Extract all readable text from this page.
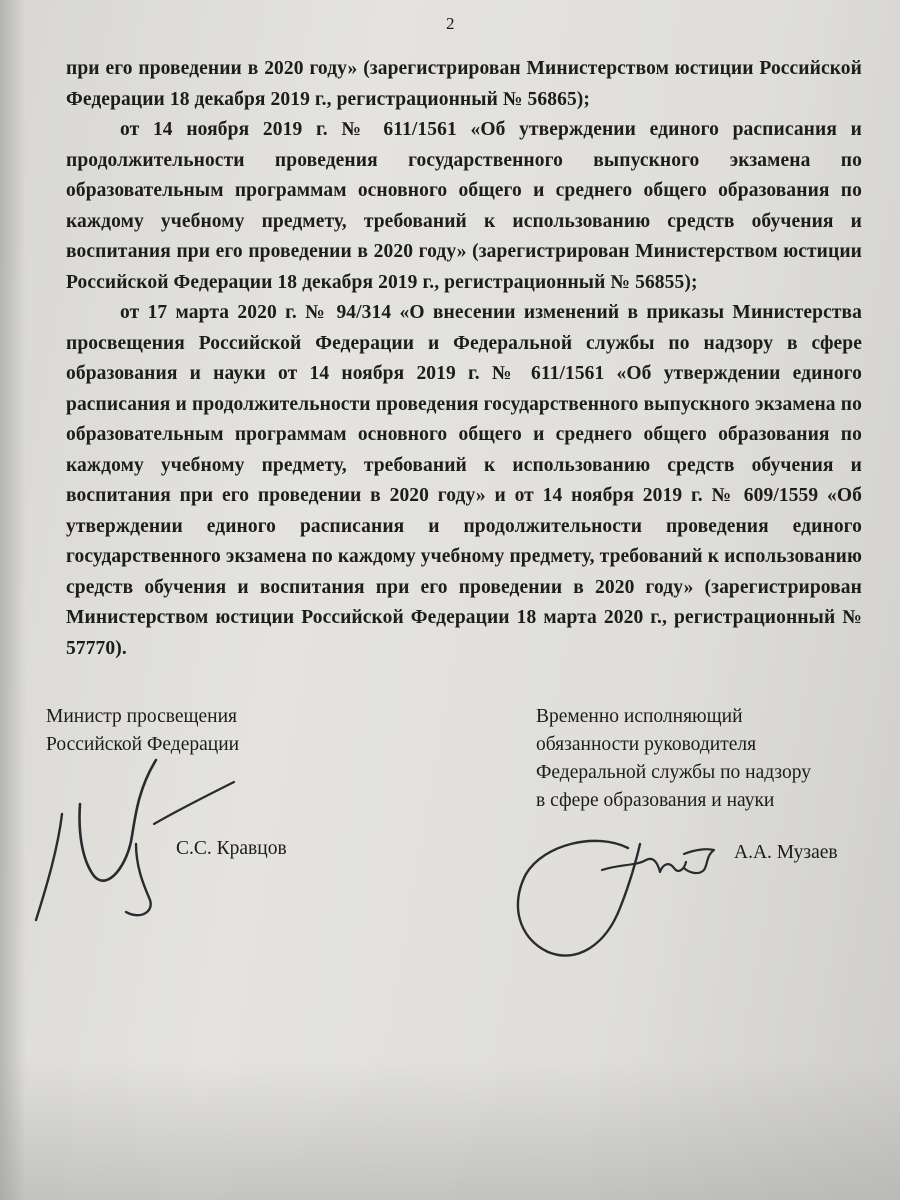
2

при его проведении в 2020 году» (зарегистрирован Министерством юстиции Российской Федерации 18 декабря 2019 г., регистрационный № 56865);

от 14 ноября 2019 г. № 611/1561 «Об утверждении единого расписания и продолжительности проведения государственного выпускного экзамена по образовательным программам основного общего и среднего общего образования по каждому учебному предмету, требований к использованию средств обучения и воспитания при его проведении в 2020 году» (зарегистрирован Министерством юстиции Российской Федерации 18 декабря 2019 г., регистрационный № 56855);

от 17 марта 2020 г. № 94/314 «О внесении изменений в приказы Министерства просвещения Российской Федерации и Федеральной службы по надзору в сфере образования и науки от 14 ноября 2019 г. № 611/1561 «Об утверждении единого расписания и продолжительности проведения государственного выпускного экзамена по образовательным программам основного общего и среднего общего образования по каждому учебному предмету, требований к использованию средств обучения и воспитания при его проведении в 2020 году» и от 14 ноября 2019 г. № 609/1559 «Об утверждении единого расписания и продолжительности проведения единого государственного экзамена по каждому учебному предмету, требований к использованию средств обучения и воспитания при его проведении в 2020 году» (зарегистрирован Министерством юстиции Российской Федерации 18 марта 2020 г., регистрационный № 57770).

Министр просвещения
Российской Федерации
С.С. Кравцов
Временно исполняющий
обязанности руководителя
Федеральной службы по надзору
в сфере образования и науки
А.А. Музаев
